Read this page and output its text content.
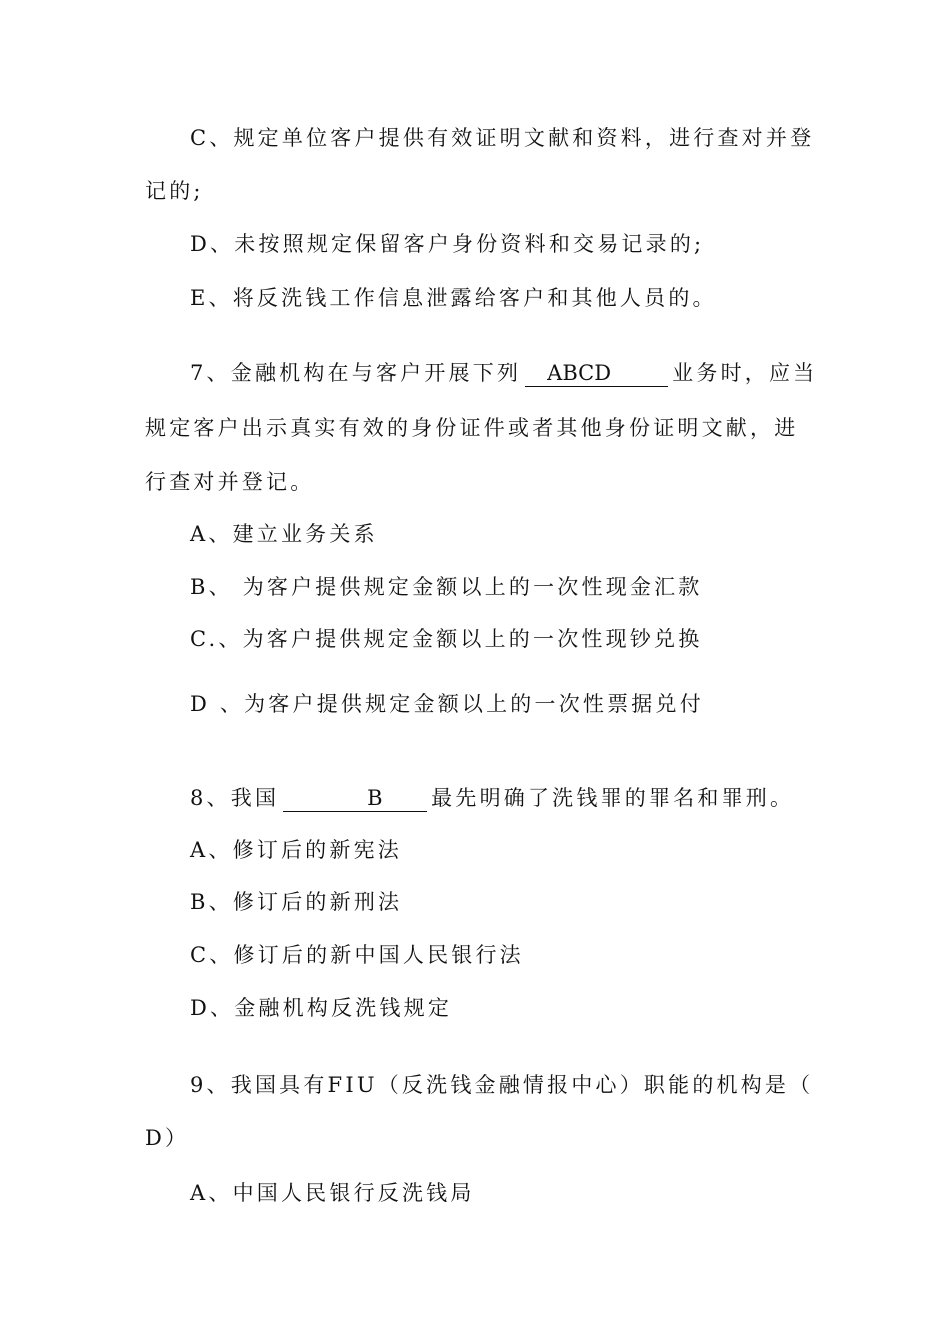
C、规定单位客户提供有效证明文献和资料，进行查对并登
记的;
D、未按照规定保留客户身份资料和交易记录的;
E、将反洗钱工作信息泄露给客户和其他人员的。
7、金融机构在与客户开展下列 ABCD	业务时，应当
规定客户出示真实有效的身份证件或者其他身份证明文献，进
行查对并登记。
A、建立业务关系
B、 为客户提供规定金额以上的一次性现金汇款
C.、为客户提供规定金额以上的一次性现钞兑换
D 、为客户提供规定金额以上的一次性票据兑付
8、我国	B 最先明确了洗钱罪的罪名和罪刑。
A、修订后的新宪法
B、修订后的新刑法
C、修订后的新中国人民银行法
D、金融机构反洗钱规定
9、我国具有FIU（反洗钱金融情报中心）职能的机构是（
D）
A、中国人民银行反洗钱局
